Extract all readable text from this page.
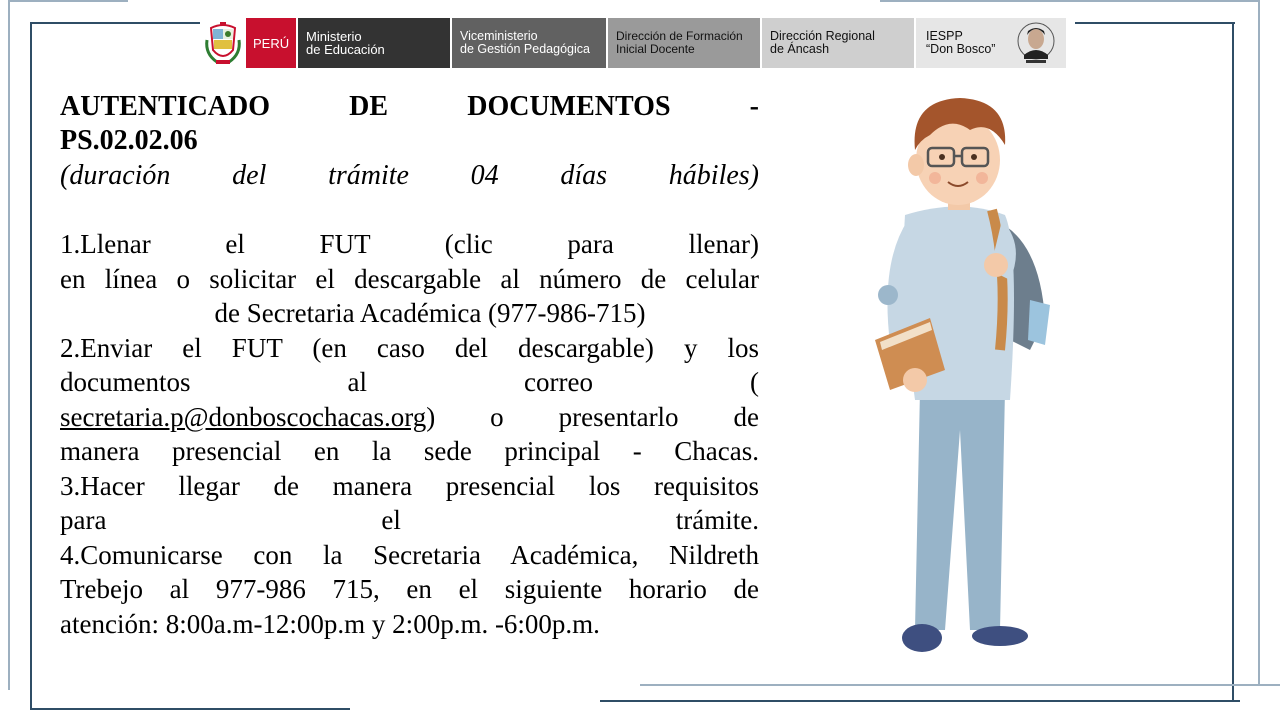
PERÚ Ministerio
de Educación
Viceministerio
de Gestión Pedagógica
Dirección de Formación
Inicial Docente
Dirección Regional
de Áncash
IESPP
“Don Bosco”

AUTENTICADO DE DOCUMENTOS -

PS.02.02.06

(duración del trámite 04 días hábiles)

1.Llenar el FUT (clic para llenar)

en línea o solicitar el descargable al número de celular

de Secretaria Académica (977-986-715)

2.Enviar el FUT (en caso del descargable) y los

documentos al correo (

secretaria.p@donboscochacas.org) o presentarlo de

manera presencial en la sede principal - Chacas.

3.Hacer llegar de manera presencial los requisitos

para el trámite.

4.Comunicarse con la Secretaria Académica, Nildreth

Trebejo al 977-986 715, en el siguiente horario de

atención: 8:00a.m-12:00p.m y 2:00p.m. -6:00p.m.
